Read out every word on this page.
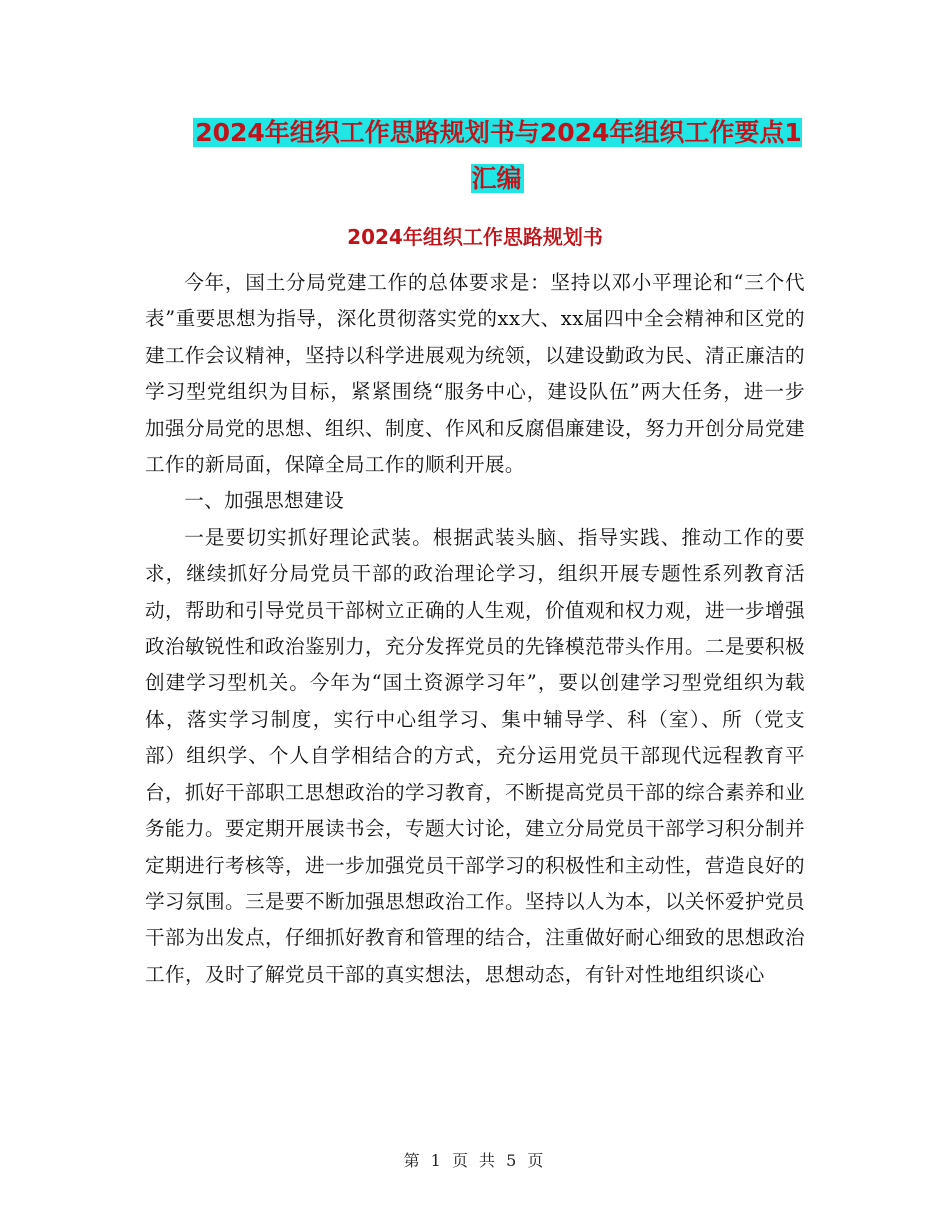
2024年组织工作思路规划书与2024年组织工作要点1汇编
2024年组织工作思路规划书

今年，国土分局党建工作的总体要求是：坚持以邓小平理论和“三个代表”重要思想为指导，深化贯彻落实党的xx大、xx届四中全会精神和区党的建工作会议精神，坚持以科学进展观为统领，以建设勤政为民、清正廉洁的学习型党组织为目标，紧紧围绕“服务中心，建设队伍”两大任务，进一步加强分局党的思想、组织、制度、作风和反腐倡廉建设，努力开创分局党建工作的新局面，保障全局工作的顺利开展。

一、加强思想建设

一是要切实抓好理论武装。根据武装头脑、指导实践、推动工作的要求，继续抓好分局党员干部的政治理论学习，组织开展专题性系列教育活动，帮助和引导党员干部树立正确的人生观，价值观和权力观，进一步增强政治敏锐性和政治鉴别力，充分发挥党员的先锋模范带头作用。二是要积极创建学习型机关。今年为“国土资源学习年”，要以创建学习型党组织为载体，落实学习制度，实行中心组学习、集中辅导学、科（室）、所（党支部）组织学、个人自学相结合的方式，充分运用党员干部现代远程教育平台，抓好干部职工思想政治的学习教育，不断提高党员干部的综合素养和业务能力。要定期开展读书会，专题大讨论，建立分局党员干部学习积分制并定期进行考核等，进一步加强党员干部学习的积极性和主动性，营造良好的学习氛围。三是要不断加强思想政治工作。坚持以人为本，以关怀爱护党员干部为出发点，仔细抓好教育和管理的结合，注重做好耐心细致的思想政治工作，及时了解党员干部的真实想法，思想动态，有针对性地组织谈心

第 1 页 共 5 页
